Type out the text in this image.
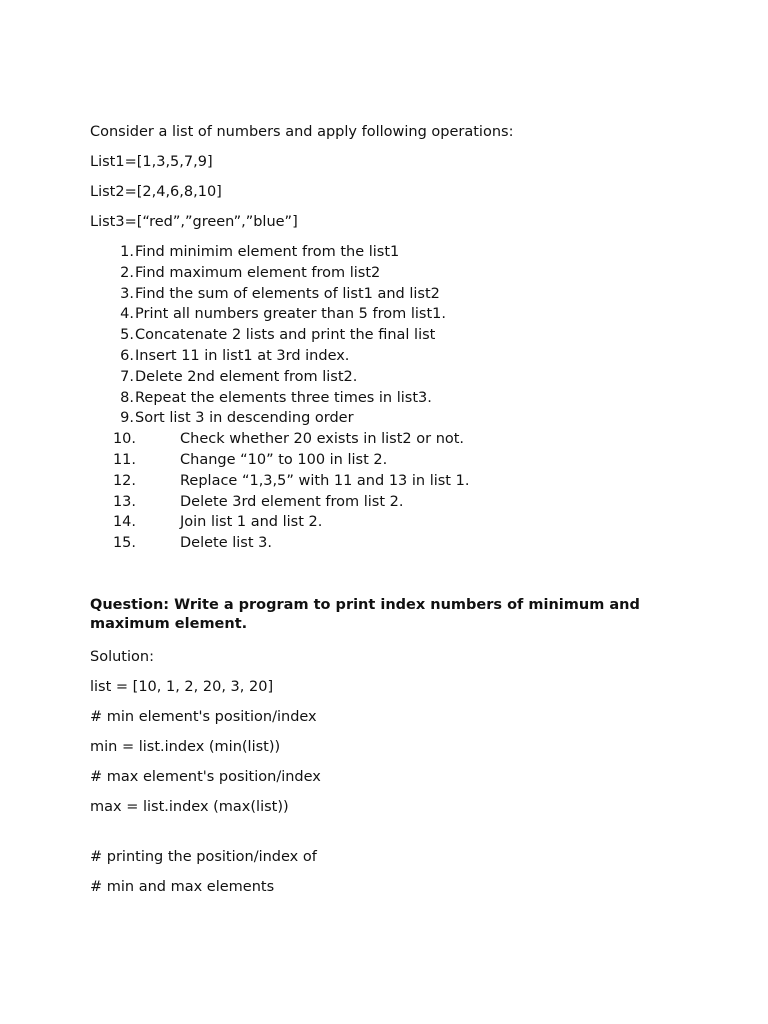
Consider a list of numbers and apply following operations:

List1=[1,3,5,7,9]

List2=[2,4,6,8,10]

List3=[“red”,”green”,”blue”]

1. Find minimim element from the list1
2. Find maximum element from list2
3. Find the sum of elements of list1 and list2
4. Print all numbers greater than 5 from list1.
5. Concatenate 2 lists and print the final list
6. Insert 11 in list1 at 3rd index.
7. Delete 2nd element from list2.
8. Repeat the elements three times in list3.
9. Sort list 3 in descending order
10.	Check whether 20 exists in list2 or not.
11.	Change “10” to 100 in list 2.
12.	Replace “1,3,5” with 11 and 13 in list 1.
13.	Delete 3rd element from list 2.
14.	Join list 1 and list 2.
15.	Delete list 3.

Question: Write a program to print index numbers of minimum and maximum element.

Solution:

list = [10, 1, 2, 20, 3, 20]

# min element's position/index

min = list.index (min(list))

# max element's position/index

max = list.index (max(list))

# printing the position/index of

# min and max elements
